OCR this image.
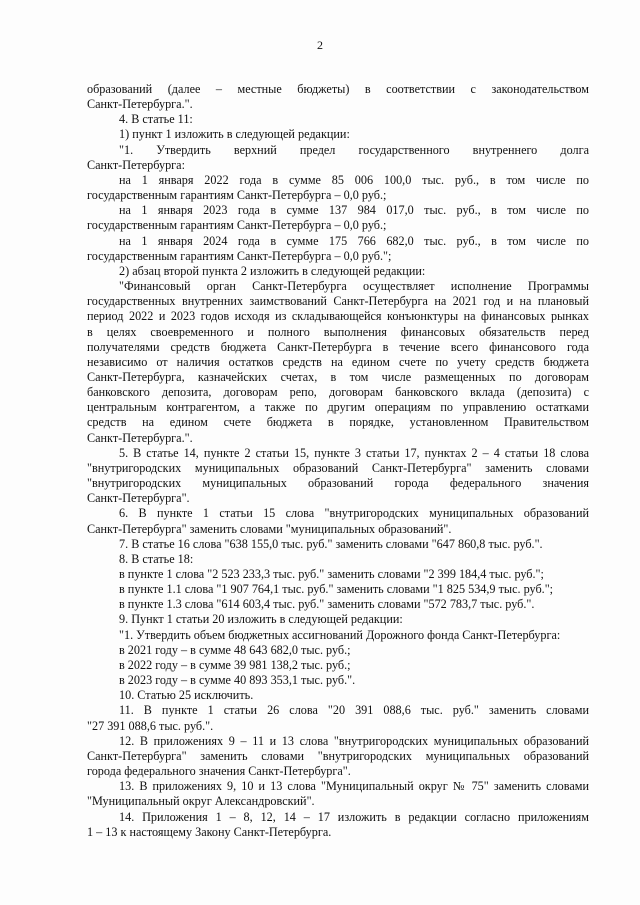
2

образований (далее – местные бюджеты) в соответствии с законодательством

Санкт-Петербурга.".

4. В статье 11:

1) пункт 1 изложить в следующей редакции:

"1. Утвердить верхний предел государственного внутреннего долга

Санкт-Петербурга:

на 1 января 2022 года в сумме 85 006 100,0 тыс. руб., в том числе по

государственным гарантиям Санкт-Петербурга – 0,0 руб.;

на 1 января 2023 года в сумме 137 984 017,0 тыс. руб., в том числе по

государственным гарантиям Санкт-Петербурга – 0,0 руб.;

на 1 января 2024 года в сумме 175 766 682,0 тыс. руб., в том числе по

государственным гарантиям Санкт-Петербурга – 0,0 руб.";

2) абзац второй пункта 2 изложить в следующей редакции:

"Финансовый орган Санкт-Петербурга осуществляет исполнение Программы

государственных внутренних заимствований Санкт-Петербурга на 2021 год и на плановый

период 2022 и 2023 годов исходя из складывающейся конъюнктуры на финансовых рынках

в целях своевременного и полного выполнения финансовых обязательств перед

получателями средств бюджета Санкт-Петербурга в течение всего финансового года

независимо от наличия остатков средств на едином счете по учету средств бюджета

Санкт-Петербурга, казначейских счетах, в том числе размещенных по договорам

банковского депозита, договорам репо, договорам банковского вклада (депозита) с

центральным контрагентом, а также по другим операциям по управлению остатками

средств на едином счете бюджета в порядке, установленном Правительством

Санкт-Петербурга.".

5. В статье 14, пункте 2 статьи 15, пункте 3 статьи 17, пунктах 2 – 4 статьи 18 слова

"внутригородских муниципальных образований Санкт-Петербурга" заменить словами

"внутригородских муниципальных образований города федерального значения

Санкт-Петербурга".

6. В пункте 1 статьи 15 слова "внутригородских муниципальных образований

Санкт-Петербурга" заменить словами "муниципальных образований".

7. В статье 16 слова "638 155,0 тыс. руб." заменить словами "647 860,8 тыс. руб.".

8. В статье 18:

в пункте 1 слова "2 523 233,3 тыс. руб." заменить словами "2 399 184,4 тыс. руб.";

в пункте 1.1 слова "1 907 764,1 тыс. руб." заменить словами "1 825 534,9 тыс. руб.";

в пункте 1.3 слова "614 603,4 тыс. руб." заменить словами "572 783,7 тыс. руб.".

9. Пункт 1 статьи 20 изложить в следующей редакции:

"1. Утвердить объем бюджетных ассигнований Дорожного фонда Санкт-Петербурга:

в 2021 году – в сумме 48 643 682,0 тыс. руб.;

в 2022 году – в сумме 39 981 138,2 тыс. руб.;

в 2023 году – в сумме 40 893 353,1 тыс. руб.".

10. Статью 25 исключить.

11. В пункте 1 статьи 26 слова "20 391 088,6 тыс. руб." заменить словами

"27 391 088,6 тыс. руб.".

12. В приложениях 9 – 11 и 13 слова "внутригородских муниципальных образований

Санкт-Петербурга" заменить словами "внутригородских муниципальных образований

города федерального значения Санкт-Петербурга".

13. В приложениях 9, 10 и 13 слова "Муниципальный округ № 75" заменить словами

"Муниципальный округ Александровский".

14. Приложения 1 – 8, 12, 14 – 17 изложить в редакции согласно приложениям

1 – 13 к настоящему Закону Санкт-Петербурга.
